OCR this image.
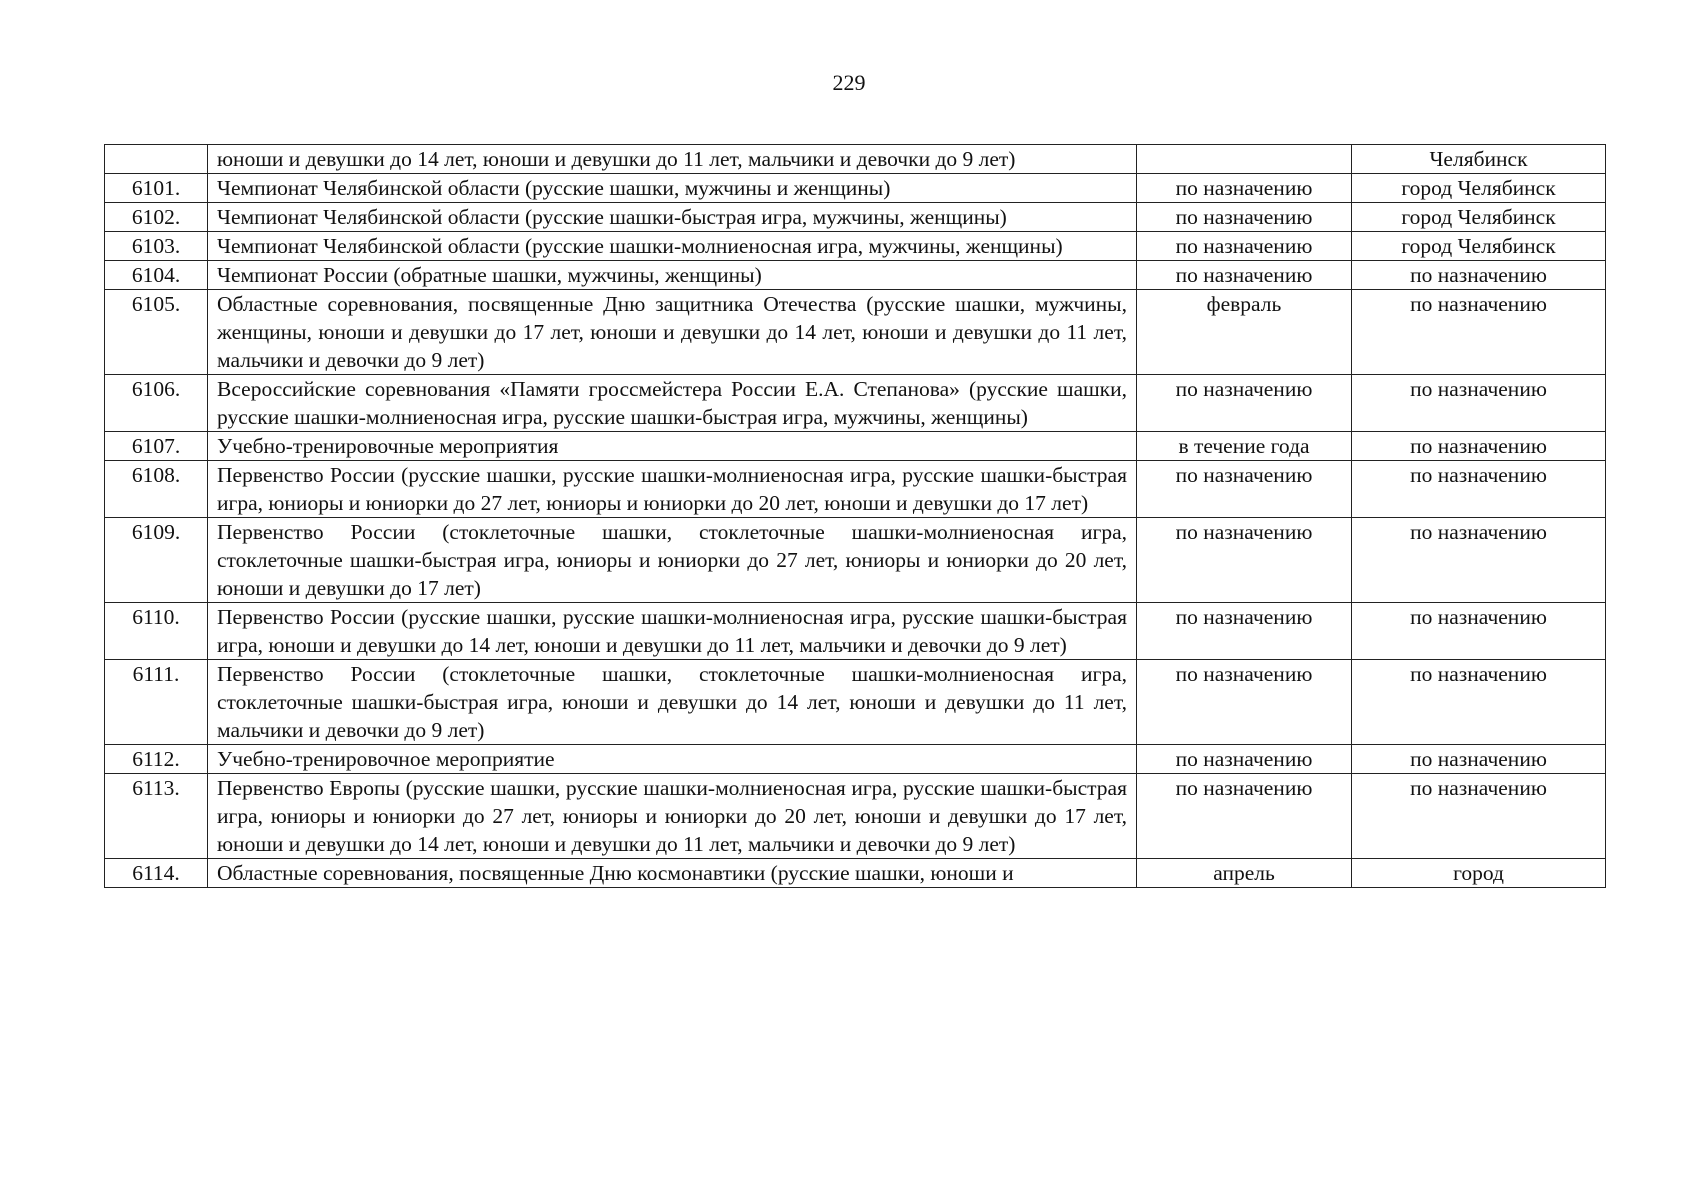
229
	юноши и девушки до 14 лет, юноши и девушки до 11 лет, мальчики и девочки до 9 лет)		Челябинск
6101.	Чемпионат Челябинской области (русские шашки, мужчины и женщины)	по назначению	город Челябинск
6102.	Чемпионат Челябинской области (русские шашки-быстрая игра, мужчины, женщины)	по назначению	город Челябинск
6103.	Чемпионат Челябинской области (русские шашки-молниеносная игра, мужчины, женщины)	по назначению	город Челябинск
6104.	Чемпионат России (обратные шашки, мужчины, женщины)	по назначению	по назначению
6105.	Областные соревнования, посвященные Дню защитника Отечества (русские шашки, мужчины, женщины, юноши и девушки до 17 лет, юноши и девушки до 14 лет, юноши и девушки до 11 лет, мальчики и девочки до 9 лет)	февраль	по назначению
6106.	Всероссийские соревнования «Памяти гроссмейстера России Е.А. Степанова» (русские шашки, русские шашки-молниеносная игра, русские шашки-быстрая игра, мужчины, женщины)	по назначению	по назначению
6107.	Учебно-тренировочные мероприятия	в течение года	по назначению
6108.	Первенство России (русские шашки, русские шашки-молниеносная игра, русские шашки-быстрая игра, юниоры и юниорки до 27 лет, юниоры и юниорки до 20 лет, юноши и девушки до 17 лет)	по назначению	по назначению
6109.	Первенство России (стоклеточные шашки, стоклеточные шашки-молниеносная игра, стоклеточные шашки-быстрая игра, юниоры и юниорки до 27 лет, юниоры и юниорки до 20 лет, юноши и девушки до 17 лет)	по назначению	по назначению
6110.	Первенство России (русские шашки, русские шашки-молниеносная игра, русские шашки-быстрая игра, юноши и девушки до 14 лет, юноши и девушки до 11 лет, мальчики и девочки до 9 лет)	по назначению	по назначению
6111.	Первенство России (стоклеточные шашки, стоклеточные шашки-молниеносная игра, стоклеточные шашки-быстрая игра, юноши и девушки до 14 лет, юноши и девушки до 11 лет, мальчики и девочки до 9 лет)	по назначению	по назначению
6112.	Учебно-тренировочное мероприятие	по назначению	по назначению
6113.	Первенство Европы (русские шашки, русские шашки-молниеносная игра, русские шашки-быстрая игра, юниоры и юниорки до 27 лет, юниоры и юниорки до 20 лет, юноши и девушки до 17 лет, юноши и девушки до 14 лет, юноши и девушки до 11 лет, мальчики и девочки до 9 лет)	по назначению	по назначению
6114.	Областные соревнования, посвященные Дню космонавтики (русские шашки, юноши и	апрель	город
